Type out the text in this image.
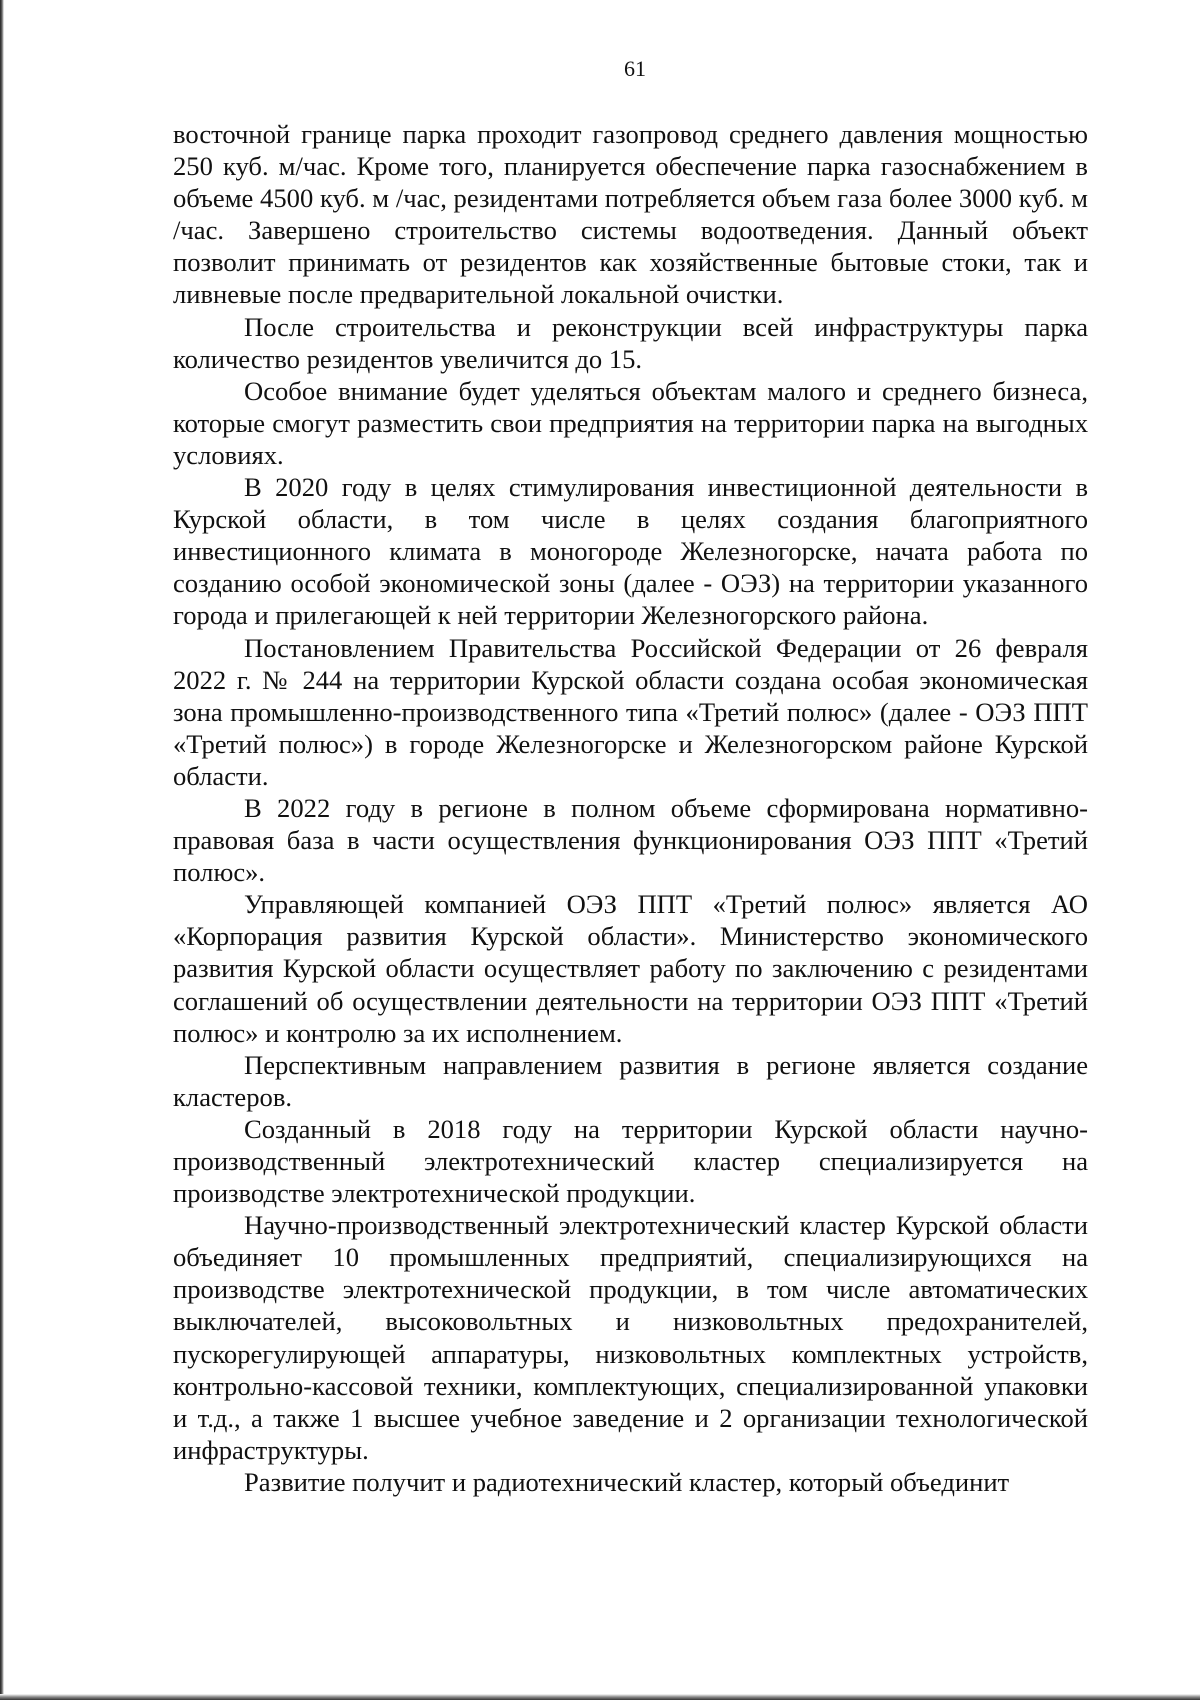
61

восточной границе парка проходит газопровод среднего давления мощностью 250 куб. м/час. Кроме того, планируется обеспечение парка газоснабжением в объеме 4500 куб. м /час, резидентами потребляется объем газа более 3000 куб. м /час. Завершено строительство системы водоотведения. Данный объект позволит принимать от резидентов как хозяйственные бытовые стоки, так и ливневые после предварительной локальной очистки.

После строительства и реконструкции всей инфраструктуры парка количество резидентов увеличится до 15.

Особое внимание будет уделяться объектам малого и среднего бизнеса, которые смогут разместить свои предприятия на территории парка на выгодных условиях.

В 2020 году в целях стимулирования инвестиционной деятельности в Курской области, в том числе в целях создания благоприятного инвестиционного климата в моногороде Железногорске, начата работа по созданию особой экономической зоны (далее - ОЭЗ) на территории указанного города и прилегающей к ней территории Железногорского района.

Постановлением Правительства Российской Федерации от 26 февраля 2022 г. № 244 на территории Курской области создана особая экономическая зона промышленно-производственного типа «Третий полюс» (далее - ОЭЗ ППТ «Третий полюс») в городе Железногорске и Железногорском районе Курской области.

В 2022 году в регионе в полном объеме сформирована нормативно-правовая база в части осуществления функционирования ОЭЗ ППТ «Третий полюс».

Управляющей компанией ОЭЗ ППТ «Третий полюс» является АО «Корпорация развития Курской области». Министерство экономического развития Курской области осуществляет работу по заключению с резидентами соглашений об осуществлении деятельности на территории ОЭЗ ППТ «Третий полюс» и контролю за их исполнением.

Перспективным направлением развития в регионе является создание кластеров.

Созданный в 2018 году на территории Курской области научно-производственный электротехнический кластер специализируется на производстве электротехнической продукции.

Научно-производственный электротехнический кластер Курской области объединяет 10 промышленных предприятий, специализирующихся на производстве электротехнической продукции, в том числе автоматических выключателей, высоковольтных и низковольтных предохранителей, пускорегулирующей аппаратуры, низковольтных комплектных устройств, контрольно-кассовой техники, комплектующих, специализированной упаковки и т.д., а также 1 высшее учебное заведение и 2 организации технологической инфраструктуры.

Развитие получит и радиотехнический кластер, который объединит
